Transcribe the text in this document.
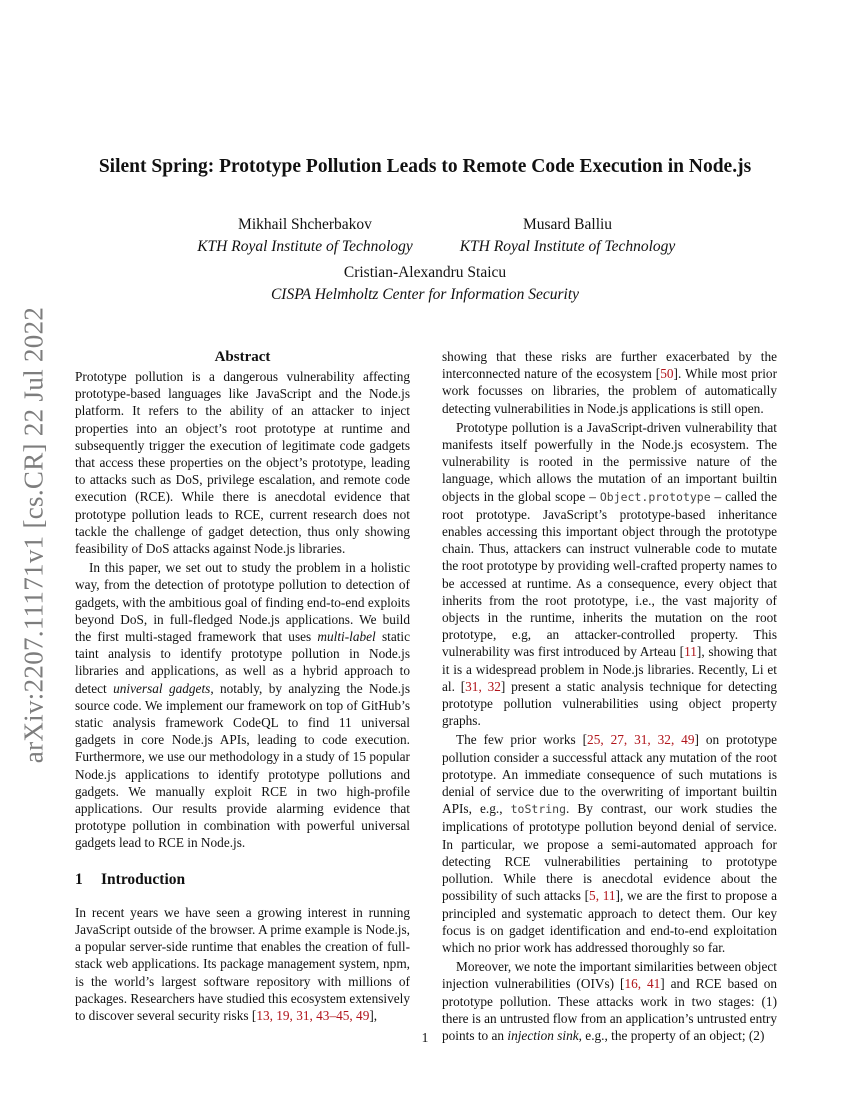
arXiv:2207.11171v1 [cs.CR] 22 Jul 2022
Silent Spring: Prototype Pollution Leads to Remote Code Execution in Node.js
Mikhail Shcherbakov
KTH Royal Institute of Technology
Musard Balliu
KTH Royal Institute of Technology
Cristian-Alexandru Staicu
CISPA Helmholtz Center for Information Security
Abstract

Prototype pollution is a dangerous vulnerability affecting prototype-based languages like JavaScript and the Node.js platform. It refers to the ability of an attacker to inject properties into an object’s root prototype at runtime and subsequently trigger the execution of legitimate code gadgets that access these properties on the object’s prototype, leading to attacks such as DoS, privilege escalation, and remote code execution (RCE). While there is anecdotal evidence that prototype pollution leads to RCE, current research does not tackle the challenge of gadget detection, thus only showing feasibility of DoS attacks against Node.js libraries.

In this paper, we set out to study the problem in a holistic way, from the detection of prototype pollution to detection of gadgets, with the ambitious goal of finding end-to-end exploits beyond DoS, in full-fledged Node.js applications. We build the first multi-staged framework that uses multi-label static taint analysis to identify prototype pollution in Node.js libraries and applications, as well as a hybrid approach to detect universal gadgets, notably, by analyzing the Node.js source code. We implement our framework on top of GitHub’s static analysis framework CodeQL to find 11 universal gadgets in core Node.js APIs, leading to code execution. Furthermore, we use our methodology in a study of 15 popular Node.js applications to identify prototype pollutions and gadgets. We manually exploit RCE in two high-profile applications. Our results provide alarming evidence that prototype pollution in combination with powerful universal gadgets lead to RCE in Node.js.

1 Introduction

In recent years we have seen a growing interest in running JavaScript outside of the browser. A prime example is Node.js, a popular server-side runtime that enables the creation of full-stack web applications. Its package management system, npm, is the world’s largest software repository with millions of packages. Researchers have studied this ecosystem extensively to discover several security risks [13, 19, 31, 43–45, 49],

showing that these risks are further exacerbated by the interconnected nature of the ecosystem [50]. While most prior work focusses on libraries, the problem of automatically detecting vulnerabilities in Node.js applications is still open.

Prototype pollution is a JavaScript-driven vulnerability that manifests itself powerfully in the Node.js ecosystem. The vulnerability is rooted in the permissive nature of the language, which allows the mutation of an important builtin objects in the global scope – Object.prototype – called the root prototype. JavaScript’s prototype-based inheritance enables accessing this important object through the prototype chain. Thus, attackers can instruct vulnerable code to mutate the root prototype by providing well-crafted property names to be accessed at runtime. As a consequence, every object that inherits from the root prototype, i.e., the vast majority of objects in the runtime, inherits the mutation on the root prototype, e.g, an attacker-controlled property. This vulnerability was first introduced by Arteau [11], showing that it is a widespread problem in Node.js libraries. Recently, Li et al. [31, 32] present a static analysis technique for detecting prototype pollution vulnerabilities using object property graphs.

The few prior works [25, 27, 31, 32, 49] on prototype pollution consider a successful attack any mutation of the root prototype. An immediate consequence of such mutations is denial of service due to the overwriting of important builtin APIs, e.g., toString. By contrast, our work studies the implications of prototype pollution beyond denial of service. In particular, we propose a semi-automated approach for detecting RCE vulnerabilities pertaining to prototype pollution. While there is anecdotal evidence about the possibility of such attacks [5, 11], we are the first to propose a principled and systematic approach to detect them. Our key focus is on gadget identification and end-to-end exploitation which no prior work has addressed thoroughly so far.

Moreover, we note the important similarities between object injection vulnerabilities (OIVs) [16, 41] and RCE based on prototype pollution. These attacks work in two stages: (1) there is an untrusted flow from an application’s untrusted entry points to an injection sink, e.g., the property of an object; (2)

1
